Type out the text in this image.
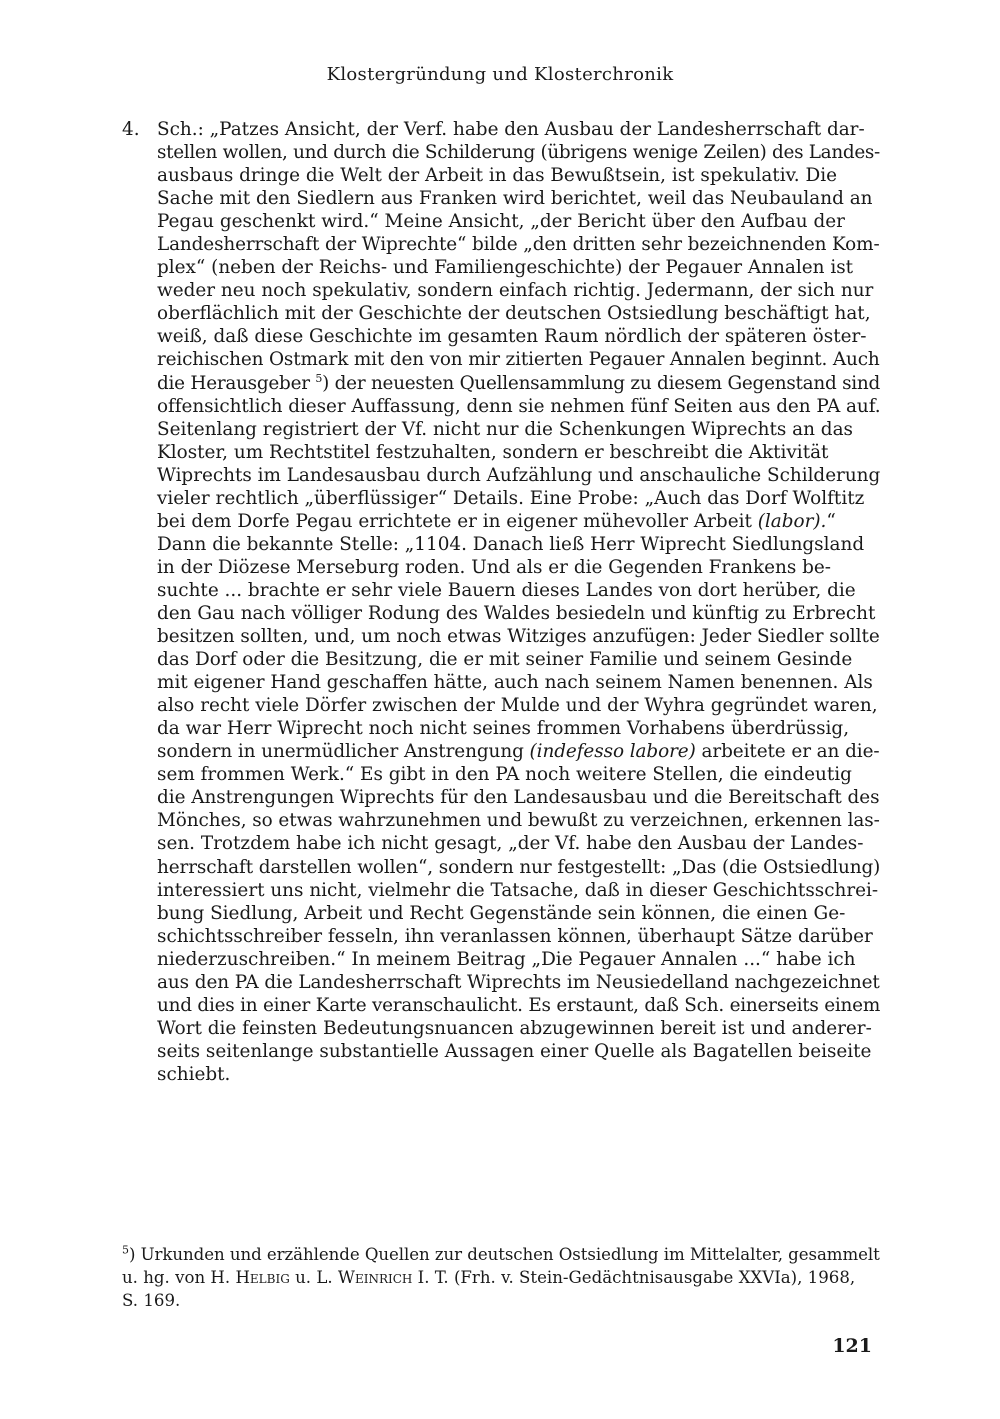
Klostergründung und Klosterchronik
4. Sch.: „Patzes Ansicht, der Verf. habe den Ausbau der Landesherrschaft dar-
stellen wollen, und durch die Schilderung (übrigens wenige Zeilen) des Landes-
ausbaus dringe die Welt der Arbeit in das Bewußtsein, ist spekulativ. Die
Sache mit den Siedlern aus Franken wird berichtet, weil das Neubauland an
Pegau geschenkt wird.“ Meine Ansicht, „der Bericht über den Aufbau der
Landesherrschaft der Wiprechte“ bilde „den dritten sehr bezeichnenden Kom-
plex“ (neben der Reichs- und Familiengeschichte) der Pegauer Annalen ist
weder neu noch spekulativ, sondern einfach richtig. Jedermann, der sich nur
oberflächlich mit der Geschichte der deutschen Ostsiedlung beschäftigt hat,
weiß, daß diese Geschichte im gesamten Raum nördlich der späteren öster-
reichischen Ostmark mit den von mir zitierten Pegauer Annalen beginnt. Auch
die Herausgeber $^5$) der neuesten Quellensammlung zu diesem Gegenstand sind
offensichtlich dieser Auffassung, denn sie nehmen fünf Seiten aus den PA auf.
Seitenlang registriert der Vf. nicht nur die Schenkungen Wiprechts an das
Kloster, um Rechtstitel festzuhalten, sondern er beschreibt die Aktivität
Wiprechts im Landesausbau durch Aufzählung und anschauliche Schilderung
vieler rechtlich „überflüssiger“ Details. Eine Probe: „Auch das Dorf Wolftitz
bei dem Dorfe Pegau errichtete er in eigener mühevoller Arbeit (labor).“
Dann die bekannte Stelle: „1104. Danach ließ Herr Wiprecht Siedlungsland
in der Diözese Merseburg roden. Und als er die Gegenden Frankens be-
suchte ... brachte er sehr viele Bauern dieses Landes von dort herüber, die
den Gau nach völliger Rodung des Waldes besiedeln und künftig zu Erbrecht
besitzen sollten, und, um noch etwas Witziges anzufügen: Jeder Siedler sollte
das Dorf oder die Besitzung, die er mit seiner Familie und seinem Gesinde
mit eigener Hand geschaffen hätte, auch nach seinem Namen benennen. Als
also recht viele Dörfer zwischen der Mulde und der Wyhra gegründet waren,
da war Herr Wiprecht noch nicht seines frommen Vorhabens überdrüssig,
sondern in unermüdlicher Anstrengung (indefesso labore) arbeitete er an die-
sem frommen Werk.“ Es gibt in den PA noch weitere Stellen, die eindeutig
die Anstrengungen Wiprechts für den Landesausbau und die Bereitschaft des
Mönches, so etwas wahrzunehmen und bewußt zu verzeichnen, erkennen las-
sen. Trotzdem habe ich nicht gesagt, „der Vf. habe den Ausbau der Landes-
herrschaft darstellen wollen“, sondern nur festgestellt: „Das (die Ostsiedlung)
interessiert uns nicht, vielmehr die Tatsache, daß in dieser Geschichtsschrei-
bung Siedlung, Arbeit und Recht Gegenstände sein können, die einen Ge-
schichtsschreiber fesseln, ihn veranlassen können, überhaupt Sätze darüber
niederzuschreiben.“ In meinem Beitrag „Die Pegauer Annalen ...“ habe ich
aus den PA die Landesherrschaft Wiprechts im Neusiedelland nachgezeichnet
und dies in einer Karte veranschaulicht. Es erstaunt, daß Sch. einerseits einem
Wort die feinsten Bedeutungsnuancen abzugewinnen bereit ist und anderer-
seits seitenlange substantielle Aussagen einer Quelle als Bagatellen beiseite
schiebt.
$^5$) Urkunden und erzählende Quellen zur deutschen Ostsiedlung im Mittelalter, gesammelt
u. hg. von H. Helbig u. L. Weinrich I. T. (Frh. v. Stein-Gedächtnisausgabe XXVIa), 1968,
S. 169.
121
